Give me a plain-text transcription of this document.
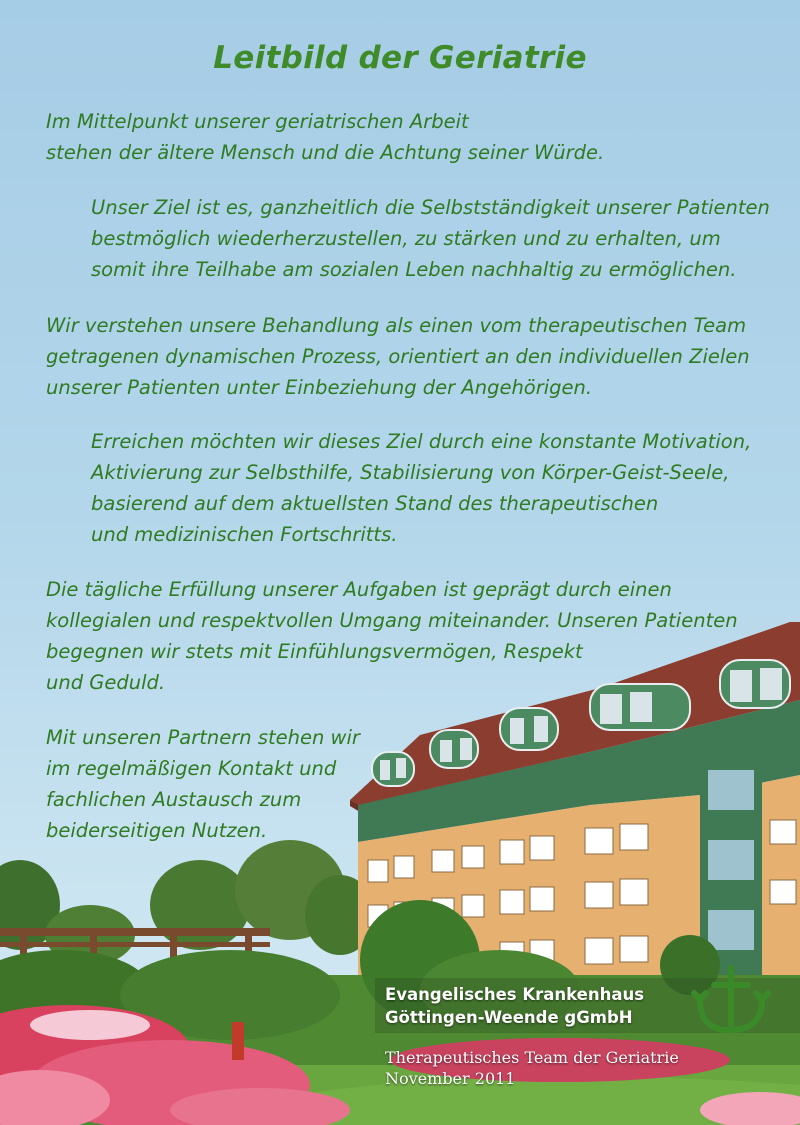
Leitbild der Geriatrie

Im Mittelpunkt unserer geriatrischen Arbeit
stehen der ältere Mensch und die Achtung seiner Würde.

Unser Ziel ist es, ganzheitlich die Selbstständigkeit unserer Patienten
bestmöglich wiederherzustellen, zu stärken und zu erhalten, um
somit ihre Teilhabe am sozialen Leben nachhaltig zu ermöglichen.

Wir verstehen unsere Behandlung als einen vom therapeutischen Team
getragenen dynamischen Prozess, orientiert an den individuellen Zielen
unserer Patienten unter Einbeziehung der Angehörigen.

Erreichen möchten wir dieses Ziel durch eine konstante Motivation,
Aktivierung zur Selbsthilfe, Stabilisierung von Körper-Geist-Seele,
basierend auf dem aktuellsten Stand des therapeutischen
und medizinischen Fortschritts.

Die tägliche Erfüllung unserer Aufgaben ist geprägt durch einen
kollegialen und respektvollen Umgang miteinander. Unseren Patienten
begegnen wir stets mit Einfühlungsvermögen, Respekt
und Geduld.

Mit unseren Partnern stehen wir
im regelmäßigen Kontakt und
fachlichen Austausch zum
beiderseitigen Nutzen.

Evangelisches Krankenhaus
Göttingen-Weende gGmbH

Therapeutisches Team der Geriatrie
November 2011
